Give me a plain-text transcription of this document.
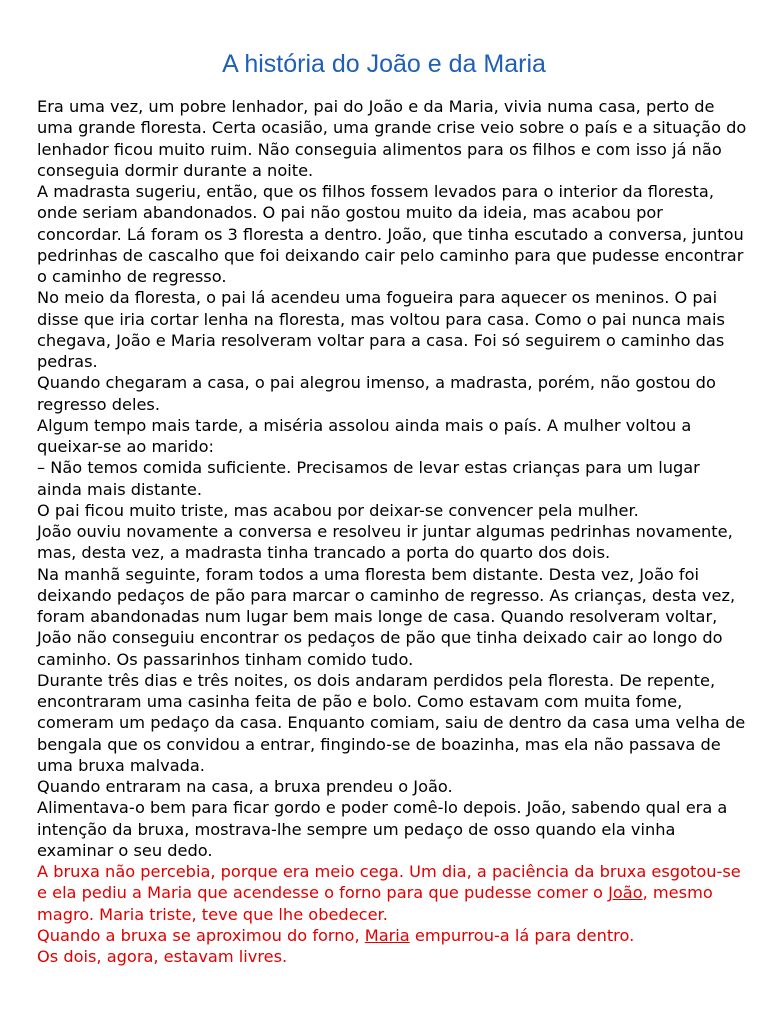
A história do João e da Maria

Era uma vez, um pobre lenhador, pai do João e da Maria, vivia numa casa, perto de uma grande floresta. Certa ocasião, uma grande crise veio sobre o país e a situação do lenhador ficou muito ruim. Não conseguia alimentos para os filhos e com isso já não conseguia dormir durante a noite.

A madrasta sugeriu, então, que os filhos fossem levados para o interior da floresta, onde seriam abandonados. O pai não gostou muito da ideia, mas acabou por concordar. Lá foram os 3 floresta a dentro. João, que tinha escutado a conversa, juntou pedrinhas de cascalho que foi deixando cair pelo caminho para que pudesse encontrar o caminho de regresso.

No meio da floresta, o pai lá acendeu uma fogueira para aquecer os meninos. O pai disse que iria cortar lenha na floresta, mas voltou para casa. Como o pai nunca mais chegava, João e Maria resolveram voltar para a casa. Foi só seguirem o caminho das pedras.

Quando chegaram a casa, o pai alegrou imenso, a madrasta, porém, não gostou do regresso deles.

Algum tempo mais tarde, a miséria assolou ainda mais o país. A mulher voltou a queixar-se ao marido:

– Não temos comida suficiente. Precisamos de levar estas crianças para um lugar ainda mais distante.

O pai ficou muito triste, mas acabou por deixar-se convencer pela mulher.

João ouviu novamente a conversa e resolveu ir juntar algumas pedrinhas novamente, mas, desta vez, a madrasta tinha trancado a porta do quarto dos dois.

Na manhã seguinte, foram todos a uma floresta bem distante. Desta vez, João foi deixando pedaços de pão para marcar o caminho de regresso. As crianças, desta vez, foram abandonadas num lugar bem mais longe de casa. Quando resolveram voltar, João não conseguiu encontrar os pedaços de pão que tinha deixado cair ao longo do caminho. Os passarinhos tinham comido tudo.

Durante três dias e três noites, os dois andaram perdidos pela floresta. De repente, encontraram uma casinha feita de pão e bolo. Como estavam com muita fome, comeram um pedaço da casa. Enquanto comiam, saiu de dentro da casa uma velha de bengala que os convidou a entrar, fingindo-se de boazinha, mas ela não passava de uma bruxa malvada.

Quando entraram na casa, a bruxa prendeu o João.

Alimentava-o bem para ficar gordo e poder comê-lo depois. João, sabendo qual era a intenção da bruxa, mostrava-lhe sempre um pedaço de osso quando ela vinha examinar o seu dedo.

A bruxa não percebia, porque era meio cega. Um dia, a paciência da bruxa esgotou-se e ela pediu a Maria que acendesse o forno para que pudesse comer o João, mesmo magro. Maria triste, teve que lhe obedecer.

Quando a bruxa se aproximou do forno, Maria empurrou-a lá para dentro.

Os dois, agora, estavam livres.
